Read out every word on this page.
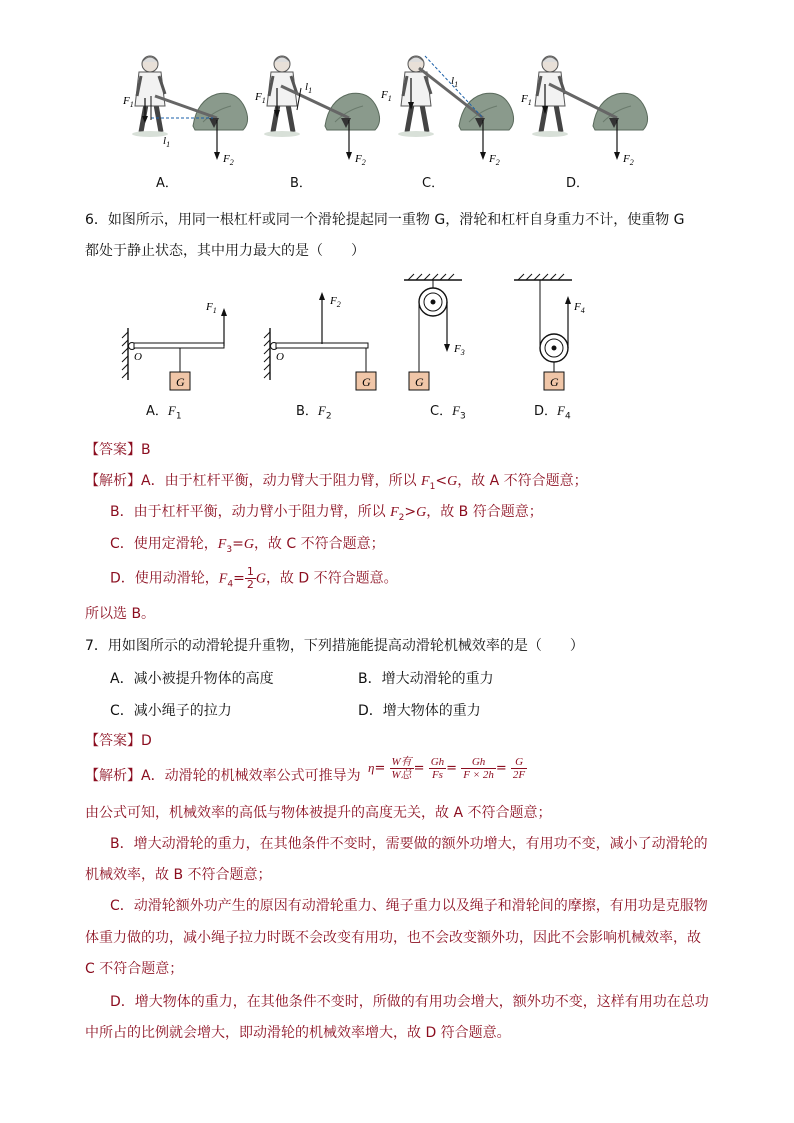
$F_1$
$l_1$
$F_2$
$F_1$
$l_1$
$F_2$
$F_1$
$l_1$
$F_2$
$F_1$
$F_2$
A．	B．	C．	D．
6．如图所示，用同一根杠杆或同一个滑轮提起同一重物 G，滑轮和杠杆自身重力不计，使重物 G
都处于静止状态，其中用力最大的是（　　）
G
O
$F_1$
G
O
$F_2$
G
$F_3$
G
$F_4$
A．$F_1$	B．$F_2$	C．$F_3$	D．$F_4$
【答案】B
【解析】A．由于杠杆平衡，动力臂大于阻力臂，所以 $F_1<G$，故 A 不符合题意；
B．由于杠杆平衡，动力臂小于阻力臂，所以 $F_2>G$，故 B 符合题意；
C．使用定滑轮，$F_3=G$，故 C 不符合题意；
D．使用动滑轮，$F_4= \frac{1}{2}$ G，故 D 不符合题意。
所以选 B。
7．用如图所示的动滑轮提升重物，下列措施能提高动滑轮机械效率的是（　　）
A．减小被提升物体的高度	B．增大动滑轮的重力
C．减小绳子的拉力	D．增大物体的重力
【答案】D
【解析】A．动滑轮的机械效率公式可推导为
$\eta= \frac{\text{W有}}{\text{W总}} = \frac{Gh}{Fs} = \frac{Gh}{F \times 2h} = \frac{G}{2F}$
由公式可知，机械效率的高低与物体被提升的高度无关，故 A 不符合题意；
B．增大动滑轮的重力，在其他条件不变时，需要做的额外功增大，有用功不变，减小了动滑轮的
机械效率，故 B 不符合题意；
C．动滑轮额外功产生的原因有动滑轮重力、绳子重力以及绳子和滑轮间的摩擦，有用功是克服物
体重力做的功，减小绳子拉力时既不会改变有用功，也不会改变额外功，因此不会影响机械效率，故
C 不符合题意；
D．增大物体的重力，在其他条件不变时，所做的有用功会增大，额外功不变，这样有用功在总功
中所占的比例就会增大，即动滑轮的机械效率增大，故 D 符合题意。
